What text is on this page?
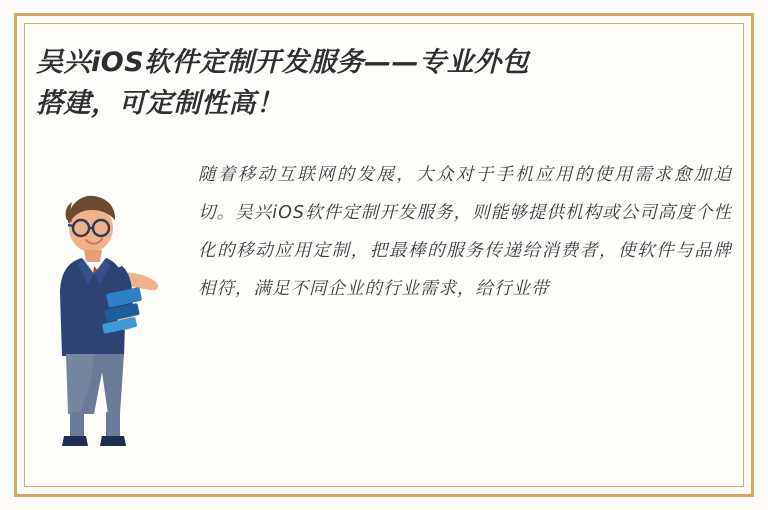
吴兴iOS软件定制开发服务——专业外包
搭建，可定制性高！
随着移动互联网的发展，大众对于手机应用的使用需求愈加迫切。吴兴iOS软件定制开发服务，则能够提供机构或公司高度个性化的移动应用定制，把最棒的服务传递给消费者，使软件与品牌相符，满足不同企业的行业需求，给行业带
